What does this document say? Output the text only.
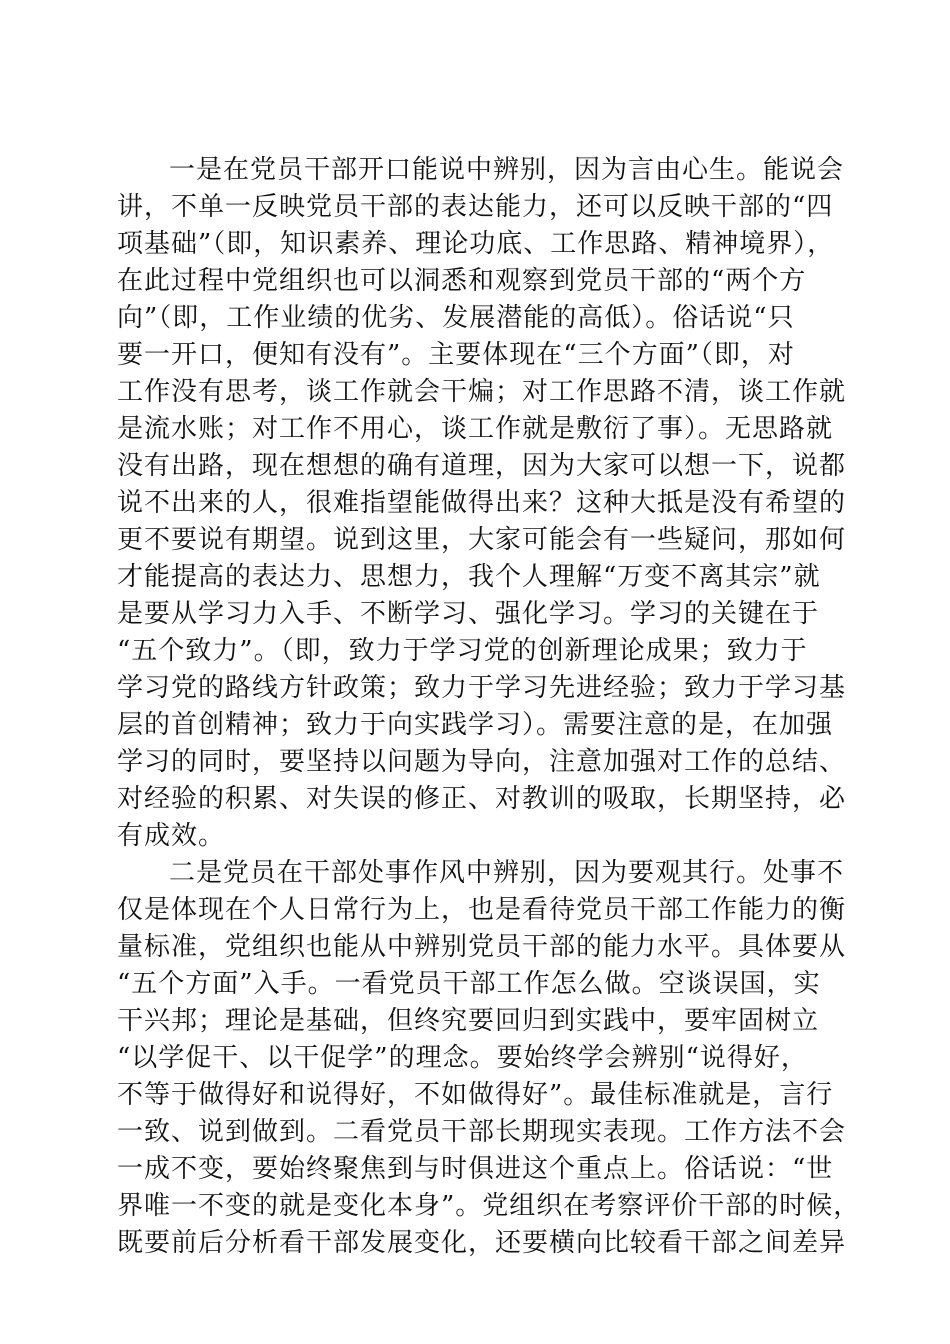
一是在党员干部开口能说中辨别，因为言由心生。能说会
讲，不单一反映党员干部的表达能力，还可以反映干部的“四
项基础”（即，知识素养、理论功底、工作思路、精神境界），
在此过程中党组织也可以洞悉和观察到党员干部的“两个方
向”（即，工作业绩的优劣、发展潜能的高低）。俗话说“只
要一开口，便知有没有”。主要体现在“三个方面”（即，对
工作没有思考，谈工作就会干煸；对工作思路不清，谈工作就
是流水账；对工作不用心，谈工作就是敷衍了事）。无思路就
没有出路，现在想想的确有道理，因为大家可以想一下，说都
说不出来的人，很难指望能做得出来？这种大抵是没有希望的
更不要说有期望。说到这里，大家可能会有一些疑问，那如何
才能提高的表达力、思想力，我个人理解“万变不离其宗”就
是要从学习力入手、不断学习、强化学习。学习的关键在于
“五个致力”。（即，致力于学习党的创新理论成果；致力于
学习党的路线方针政策；致力于学习先进经验；致力于学习基
层的首创精神；致力于向实践学习）。需要注意的是，在加强
学习的同时，要坚持以问题为导向，注意加强对工作的总结、
对经验的积累、对失误的修正、对教训的吸取，长期坚持，必
有成效。
二是党员在干部处事作风中辨别，因为要观其行。处事不
仅是体现在个人日常行为上，也是看待党员干部工作能力的衡
量标准，党组织也能从中辨别党员干部的能力水平。具体要从
“五个方面”入手。一看党员干部工作怎么做。空谈误国，实
干兴邦；理论是基础，但终究要回归到实践中，要牢固树立
“以学促干、以干促学”的理念。要始终学会辨别“说得好，
不等于做得好和说得好，不如做得好”。最佳标准就是，言行
一致、说到做到。二看党员干部长期现实表现。工作方法不会
一成不变，要始终聚焦到与时俱进这个重点上。俗话说：“世
界唯一不变的就是变化本身”。党组织在考察评价干部的时候，
既要前后分析看干部发展变化，还要横向比较看干部之间差异
